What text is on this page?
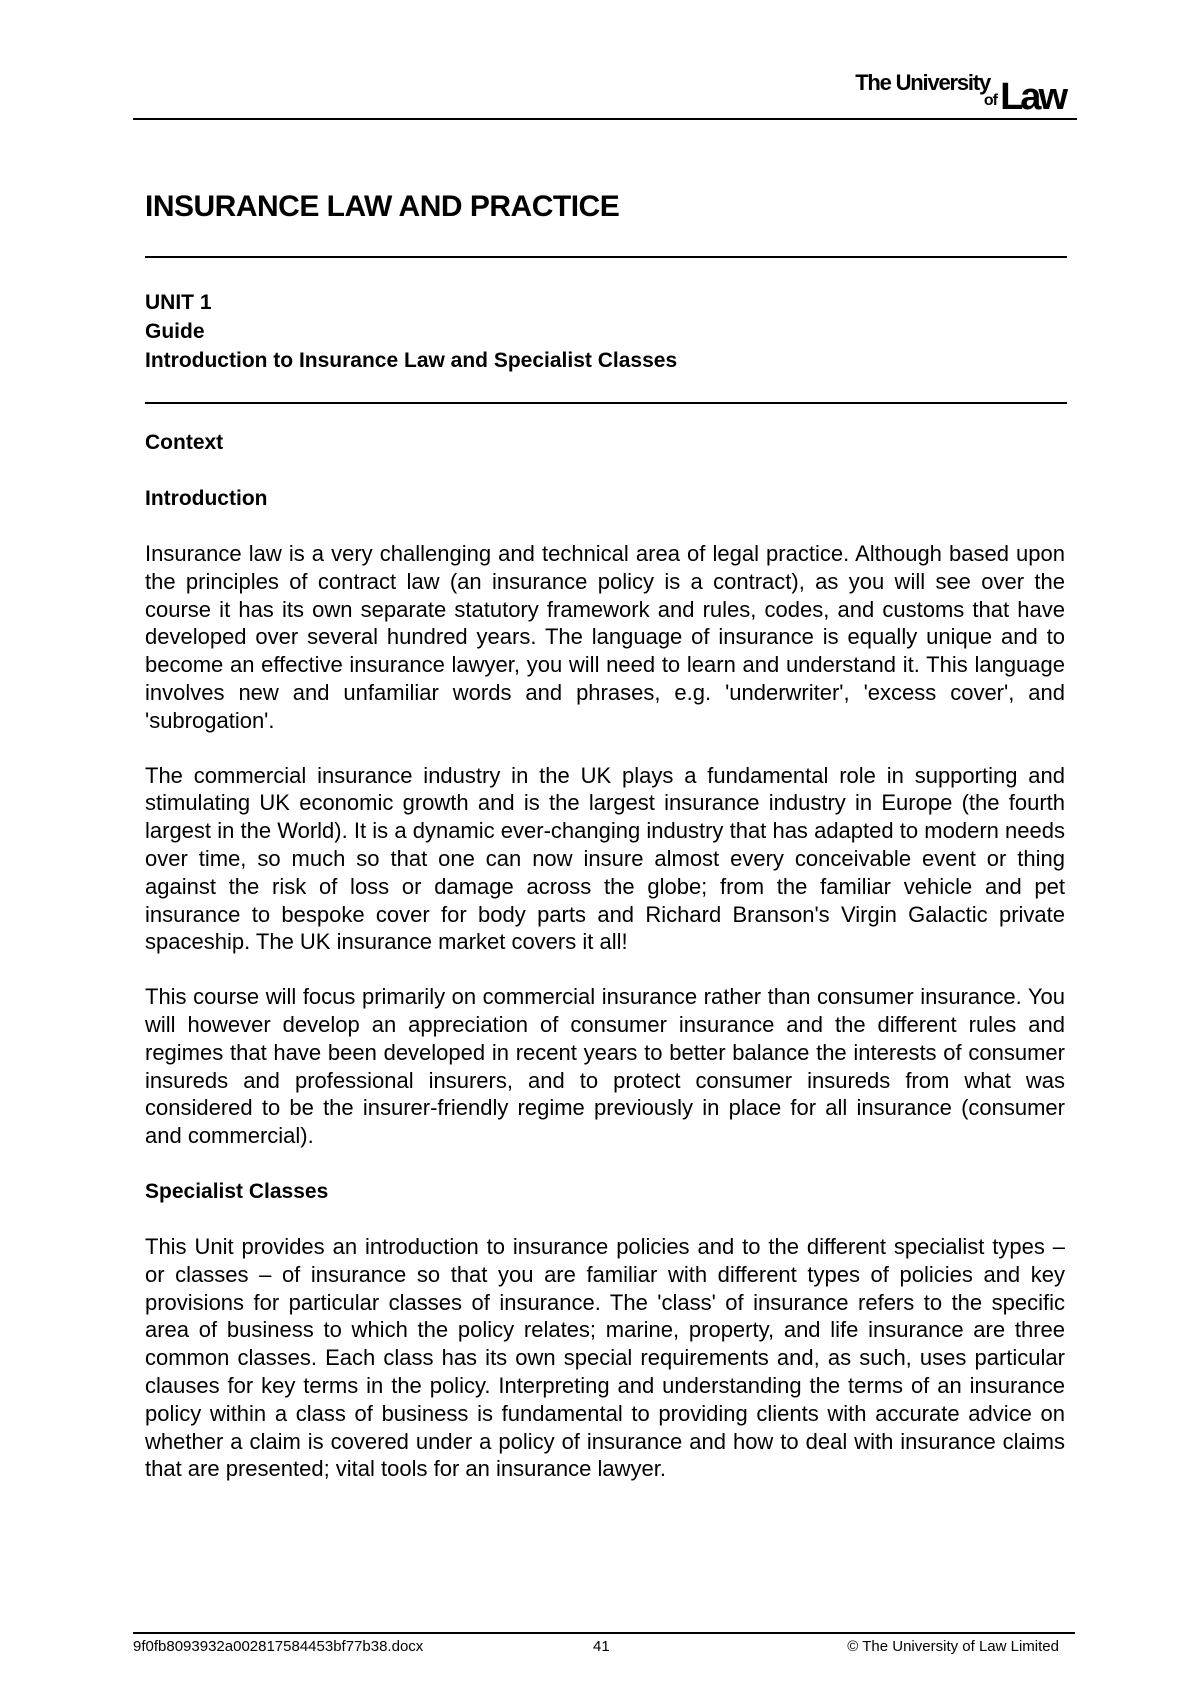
The University
of Law
INSURANCE LAW AND PRACTICE
UNIT 1
Guide
Introduction to Insurance Law and Specialist Classes
Context
Introduction

Insurance law is a very challenging and technical area of legal practice. Although based upon the principles of contract law (an insurance policy is a contract), as you will see over the course it has its own separate statutory framework and rules, codes, and customs that have developed over several hundred years. The language of insurance is equally unique and to become an effective insurance lawyer, you will need to learn and understand it. This language involves new and unfamiliar words and phrases, e.g. 'underwriter', 'excess cover', and 'subrogation'.

The commercial insurance industry in the UK plays a fundamental role in supporting and stimulating UK economic growth and is the largest insurance industry in Europe (the fourth largest in the World). It is a dynamic ever-changing industry that has adapted to modern needs over time, so much so that one can now insure almost every conceivable event or thing against the risk of loss or damage across the globe; from the familiar vehicle and pet insurance to bespoke cover for body parts and Richard Branson's Virgin Galactic private spaceship. The UK insurance market covers it all!

This course will focus primarily on commercial insurance rather than consumer insurance. You will however develop an appreciation of consumer insurance and the different rules and regimes that have been developed in recent years to better balance the interests of consumer insureds and professional insurers, and to protect consumer insureds from what was considered to be the insurer-friendly regime previously in place for all insurance (consumer and commercial).

Specialist Classes

This Unit provides an introduction to insurance policies and to the different specialist types – or classes – of insurance so that you are familiar with different types of policies and key provisions for particular classes of insurance. The 'class' of insurance refers to the specific area of business to which the policy relates; marine, property, and life insurance are three common classes. Each class has its own special requirements and, as such, uses particular clauses for key terms in the policy. Interpreting and understanding the terms of an insurance policy within a class of business is fundamental to providing clients with accurate advice on whether a claim is covered under a policy of insurance and how to deal with insurance claims that are presented; vital tools for an insurance lawyer.

9f0fb8093932a002817584453bf77b38.docx	41	© The University of Law Limited
